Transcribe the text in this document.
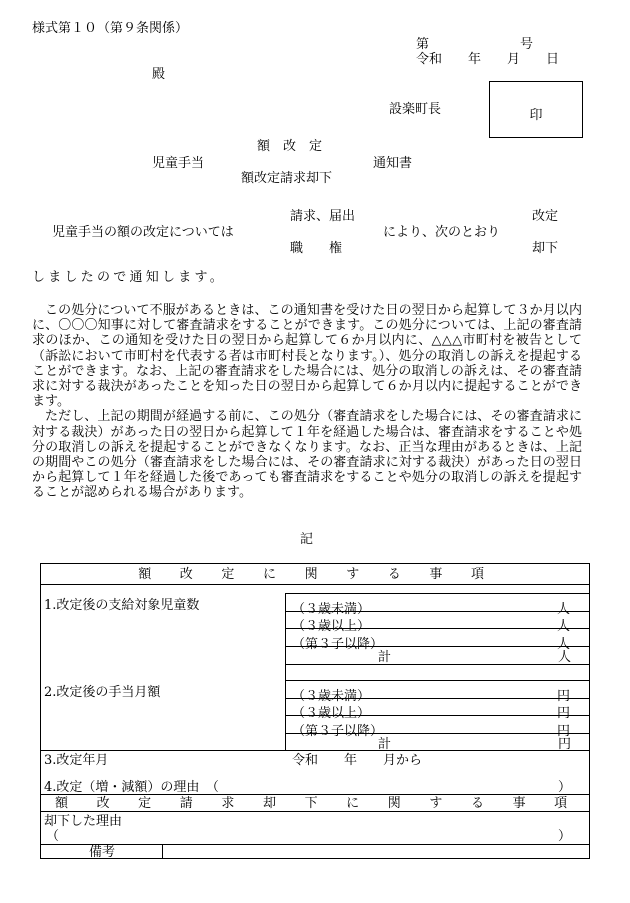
様式第１０（第９条関係）
第　　　　　　　号
令和　　年　　月　　日
殿
設楽町長	印
額　改　定
児童手当	通知書
額改定請求却下
請求、届出	改定
児童手当の額の改定については	により、次のとおり
職　　権	却下
しましたので通知します。

この処分について不服があるときは、この通知書を受けた日の翌日から起算して３か月以内に、〇〇〇知事に対して審査請求をすることができます。この処分については、上記の審査請求のほか、この通知を受けた日の翌日から起算して６か月以内に、△△△市町村を被告として（訴訟において市町村を代表する者は市町村長となります。）、処分の取消しの訴えを提起することができます。なお、上記の審査請求をした場合には、処分の取消しの訴えは、その審査請求に対する裁決があったことを知った日の翌日から起算して６か月以内に提起することができます。

ただし、上記の期間が経過する前に、この処分（審査請求をした場合には、その審査請求に対する裁決）があった日の翌日から起算して１年を経過した場合は、審査請求をすることや処分の取消しの訴えを提起することができなくなります。なお、正当な理由があるときは、上記の期間やこの処分（審査請求をした場合には、その審査請求に対する裁決）があった日の翌日から起算して１年を経過した後であっても審査請求をすることや処分の取消しの訴えを提起することが認められる場合があります。

記
額　改　定　に　関　す　る　事　項
1.改定後の支給対象児童数	（３歳未満）	人
（３歳以上）	人
（第３子以降）	人
計	人
2.改定後の手当月額	（３歳未満）	円
（３歳以上）	円
（第３子以降）	円
計	円
3.改定年月	令和　　年　　月から
4.改定（増・減額）の理由　（	）
額　改　定　請　求　却　下　に　関　す　る　事　項
却下した理由
（	）
備考
